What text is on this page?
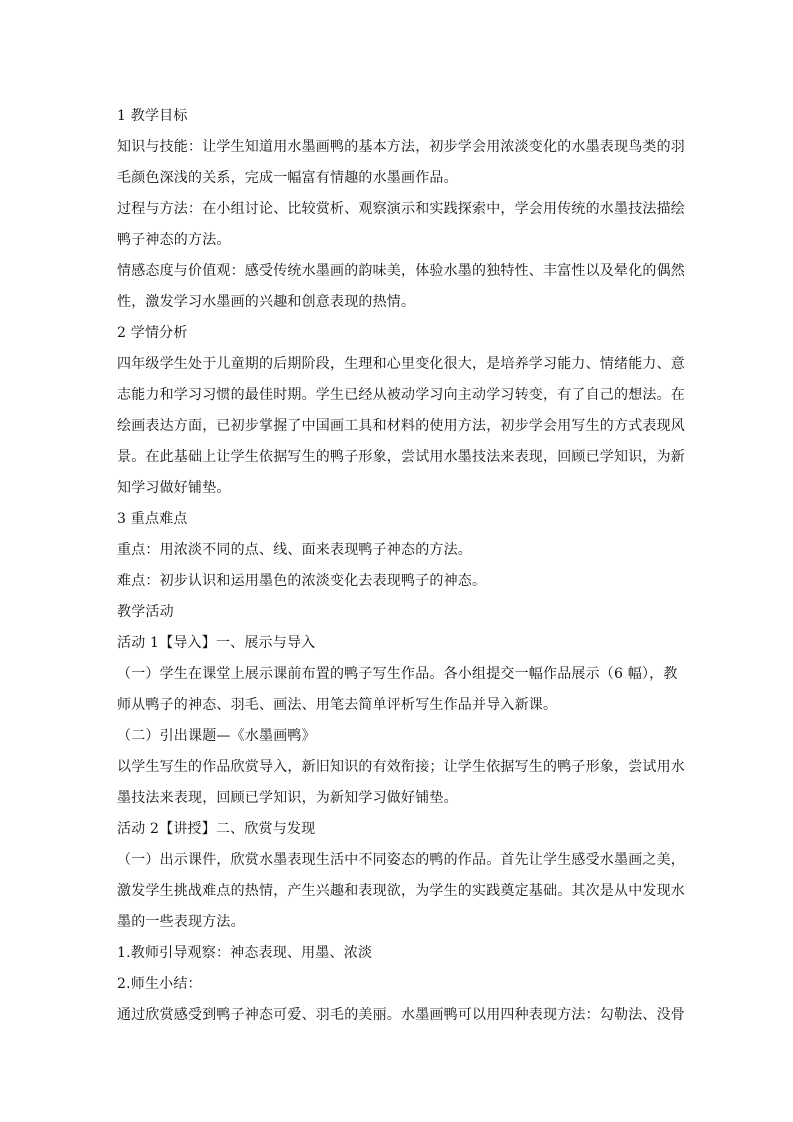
1 教学目标

知识与技能：让学生知道用水墨画鸭的基本方法，初步学会用浓淡变化的水墨表现鸟类的羽

毛颜色深浅的关系，完成一幅富有情趣的水墨画作品。

过程与方法：在小组讨论、比较赏析、观察演示和实践探索中，学会用传统的水墨技法描绘

鸭子神态的方法。

情感态度与价值观：感受传统水墨画的韵味美，体验水墨的独特性、丰富性以及晕化的偶然

性，激发学习水墨画的兴趣和创意表现的热情。

2 学情分析

四年级学生处于儿童期的后期阶段，生理和心里变化很大，是培养学习能力、情绪能力、意

志能力和学习习惯的最佳时期。学生已经从被动学习向主动学习转变，有了自己的想法。在

绘画表达方面，已初步掌握了中国画工具和材料的使用方法，初步学会用写生的方式表现风

景。在此基础上让学生依据写生的鸭子形象，尝试用水墨技法来表现，回顾已学知识，为新

知学习做好铺垫。

3 重点难点

重点：用浓淡不同的点、线、面来表现鸭子神态的方法。

难点：初步认识和运用墨色的浓淡变化去表现鸭子的神态。

教学活动

活动 1【导入】一、展示与导入

（一）学生在课堂上展示课前布置的鸭子写生作品。各小组提交一幅作品展示（6 幅），教

师从鸭子的神态、羽毛、画法、用笔去简单评析写生作品并导入新课。

（二）引出课题—《水墨画鸭》

以学生写生的作品欣赏导入，新旧知识的有效衔接；让学生依据写生的鸭子形象，尝试用水

墨技法来表现，回顾已学知识，为新知学习做好铺垫。

活动 2【讲授】二、欣赏与发现

（一）出示课件，欣赏水墨表现生活中不同姿态的鸭的作品。首先让学生感受水墨画之美，

激发学生挑战难点的热情，产生兴趣和表现欲，为学生的实践奠定基础。其次是从中发现水

墨的一些表现方法。

1.教师引导观察：神态表现、用墨、浓淡

2.师生小结：

通过欣赏感受到鸭子神态可爱、羽毛的美丽。水墨画鸭可以用四种表现方法：勾勒法、没骨
